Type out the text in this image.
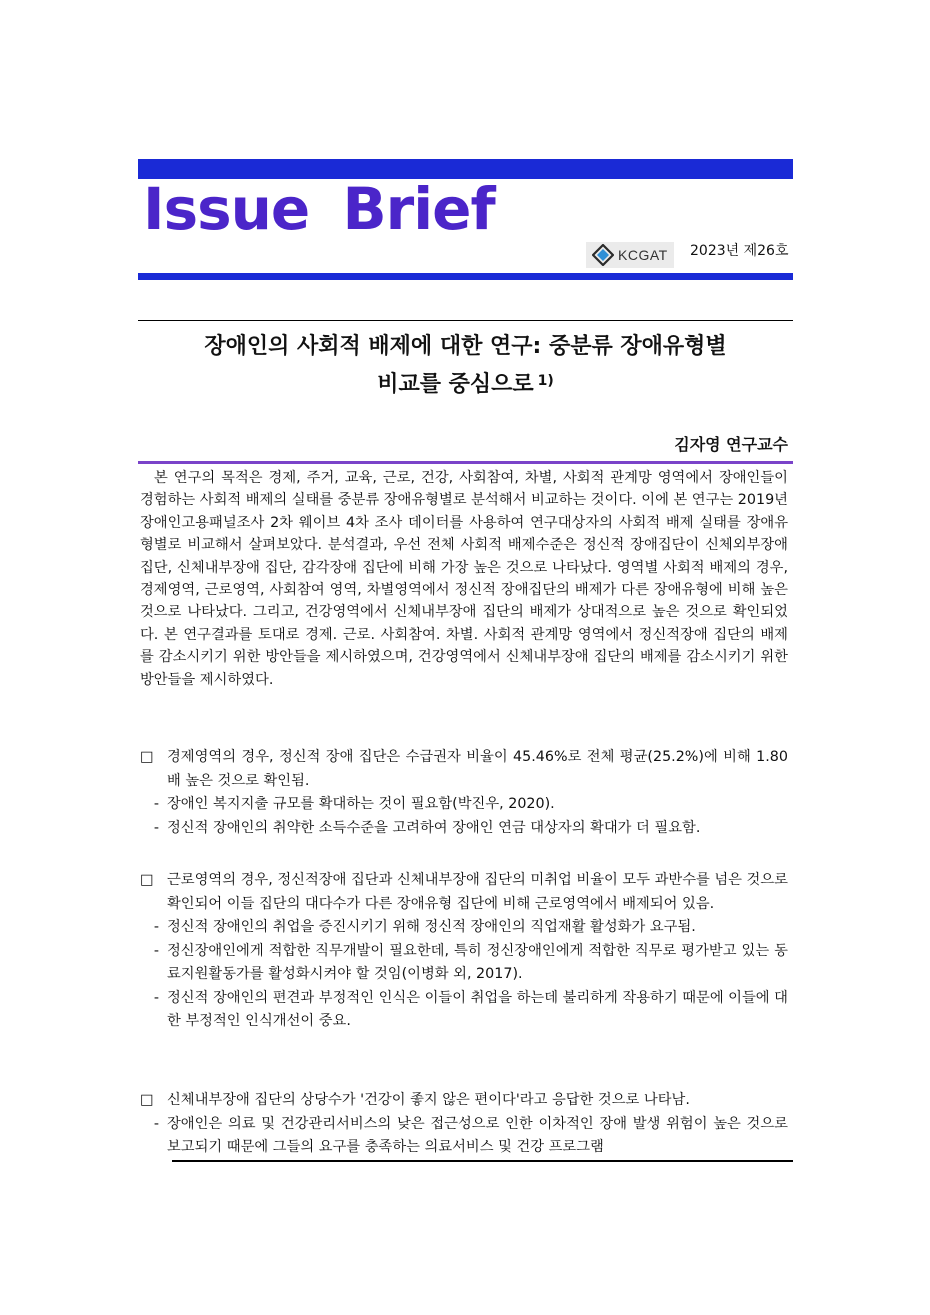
Issue Brief
KCGAT 2023년 제26호
장애인의 사회적 배제에 대한 연구: 중분류 장애유형별
비교를 중심으로 $^{1)}$
김자영 연구교수
본 연구의 목적은 경제, 주거, 교육, 근로, 건강, 사회참여, 차별, 사회적 관계망 영역에서 장애인들이 경험하는 사회적 배제의 실태를 중분류 장애유형별로 분석해서 비교하는 것이다. 이에 본 연구는 2019년 장애인고용패널조사 2차 웨이브 4차 조사 데이터를 사용하여 연구대상자의 사회적 배제 실태를 장애유형별로 비교해서 살펴보았다. 분석결과, 우선 전체 사회적 배제수준은 정신적 장애집단이 신체외부장애 집단, 신체내부장애 집단, 감각장애 집단에 비해 가장 높은 것으로 나타났다. 영역별 사회적 배제의 경우, 경제영역, 근로영역, 사회참여 영역, 차별영역에서 정신적 장애집단의 배제가 다른 장애유형에 비해 높은 것으로 나타났다. 그리고, 건강영역에서 신체내부장애 집단의 배제가 상대적으로 높은 것으로 확인되었다. 본 연구결과를 토대로 경제. 근로. 사회참여. 차별. 사회적 관계망 영역에서 정신적장애 집단의 배제를 감소시키기 위한 방안들을 제시하였으며, 건강영역에서 신체내부장애 집단의 배제를 감소시키기 위한 방안들을 제시하였다.
□ 경제영역의 경우, 정신적 장애 집단은 수급권자 비율이 45.46%로 전체 평균(25.2%)에 비해 1.80배 높은 것으로 확인됨.
- 장애인 복지지출 규모를 확대하는 것이 필요함(박진우, 2020).
- 정신적 장애인의 취약한 소득수준을 고려하여 장애인 연금 대상자의 확대가 더 필요함.
□ 근로영역의 경우, 정신적장애 집단과 신체내부장애 집단의 미취업 비율이 모두 과반수를 넘은 것으로 확인되어 이들 집단의 대다수가 다른 장애유형 집단에 비해 근로영역에서 배제되어 있음.
- 정신적 장애인의 취업을 증진시키기 위해 정신적 장애인의 직업재활 활성화가 요구됨.
- 정신장애인에게 적합한 직무개발이 필요한데, 특히 정신장애인에게 적합한 직무로 평가받고 있는 동료지원활동가를 활성화시켜야 할 것임(이병화 외, 2017).
- 정신적 장애인의 편견과 부정적인 인식은 이들이 취업을 하는데 불리하게 작용하기 때문에 이들에 대한 부정적인 인식개선이 중요.
□ 신체내부장애 집단의 상당수가 '건강이 좋지 않은 편이다'라고 응답한 것으로 나타남.
- 장애인은 의료 및 건강관리서비스의 낮은 접근성으로 인한 이차적인 장애 발생 위험이 높은 것으로 보고되기 때문에 그들의 요구를 충족하는 의료서비스 및 건강 프로그램
